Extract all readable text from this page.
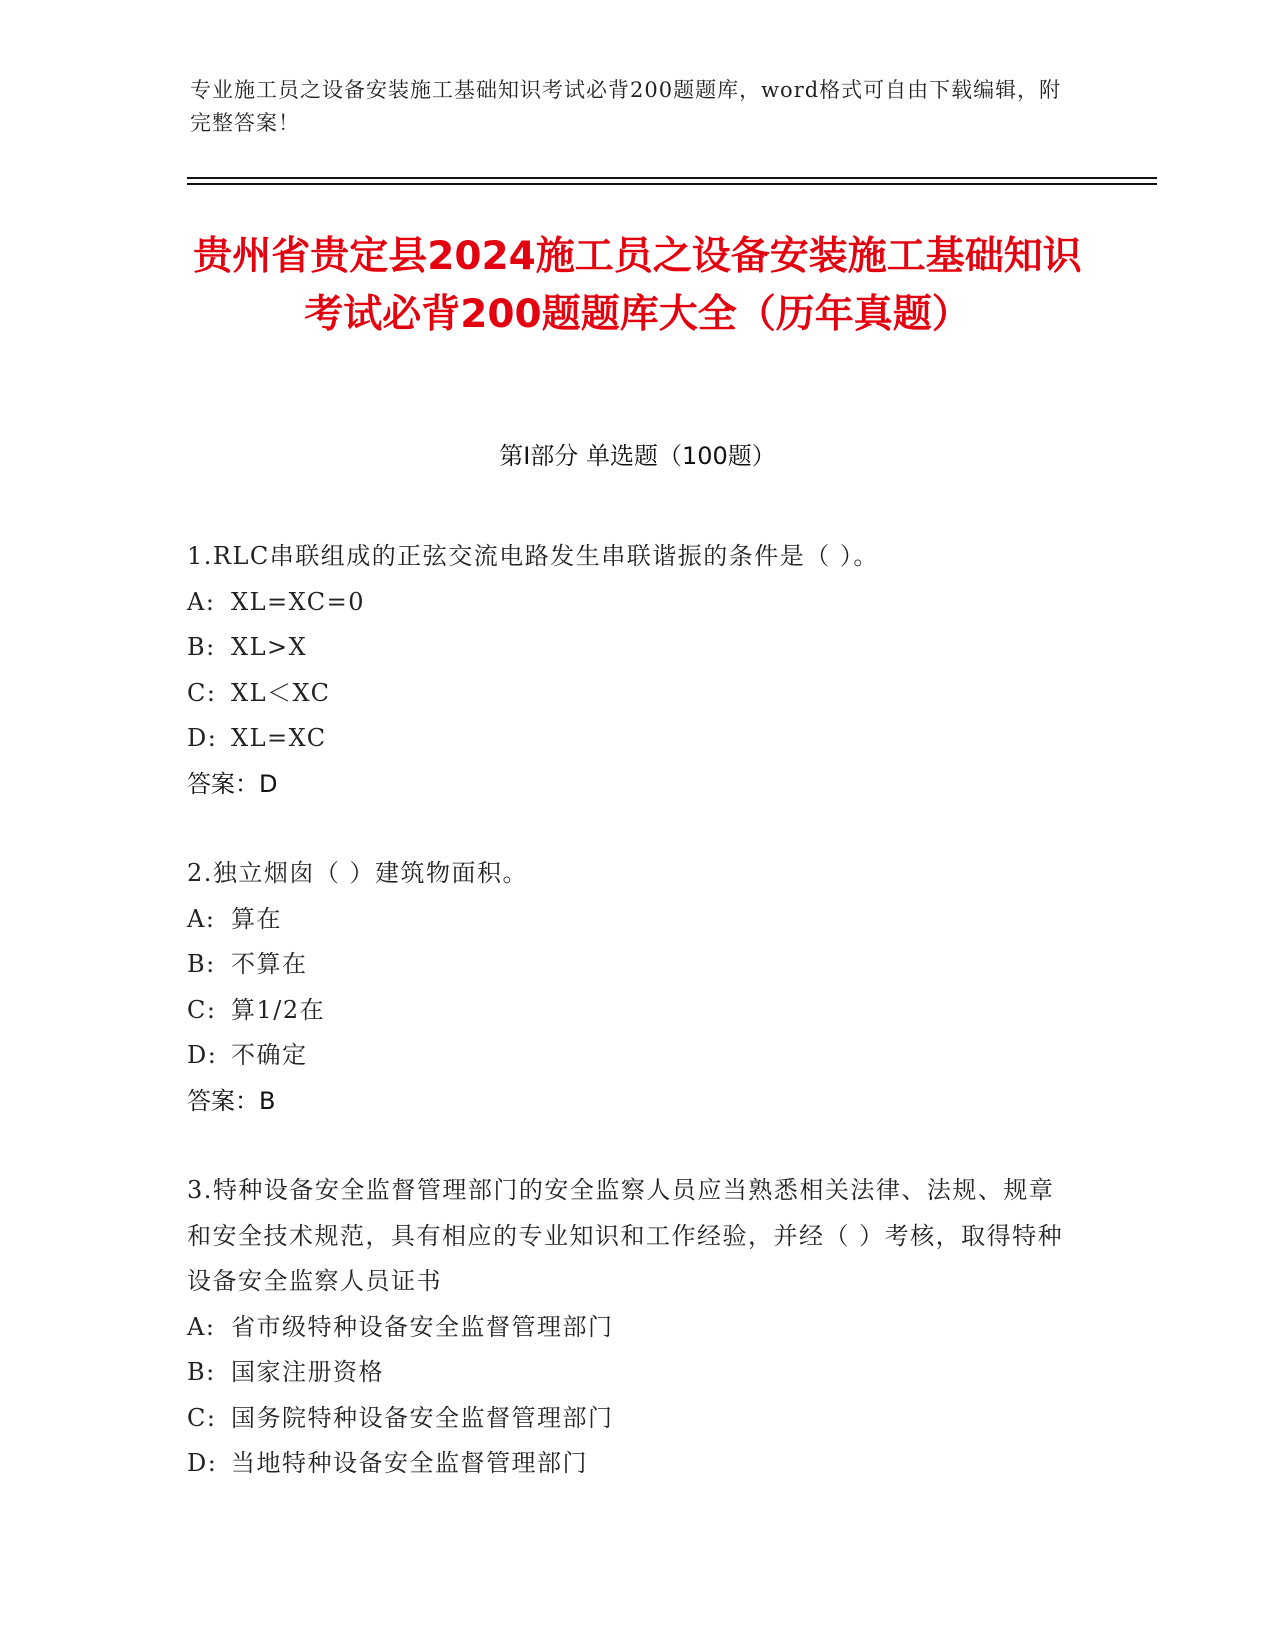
专业施工员之设备安装施工基础知识考试必背200题题库，word格式可自由下载编辑，附完整答案！
贵州省贵定县2024施工员之设备安装施工基础知识考试必背200题题库大全（历年真题）
第Ⅰ部分 单选题（100题）
1.RLC串联组成的正弦交流电路发生串联谐振的条件是（ ）。
A: XL=XC=0
B: XL>X
C: XL＜XC
D: XL=XC
答案：D
2.独立烟囱（ ）建筑物面积。
A: 算在
B: 不算在
C: 算1/2在
D: 不确定
答案：B
3.特种设备安全监督管理部门的安全监察人员应当熟悉相关法律、法规、规章和安全技术规范，具有相应的专业知识和工作经验，并经（ ）考核，取得特种设备安全监察人员证书
A: 省市级特种设备安全监督管理部门
B: 国家注册资格
C: 国务院特种设备安全监督管理部门
D: 当地特种设备安全监督管理部门
